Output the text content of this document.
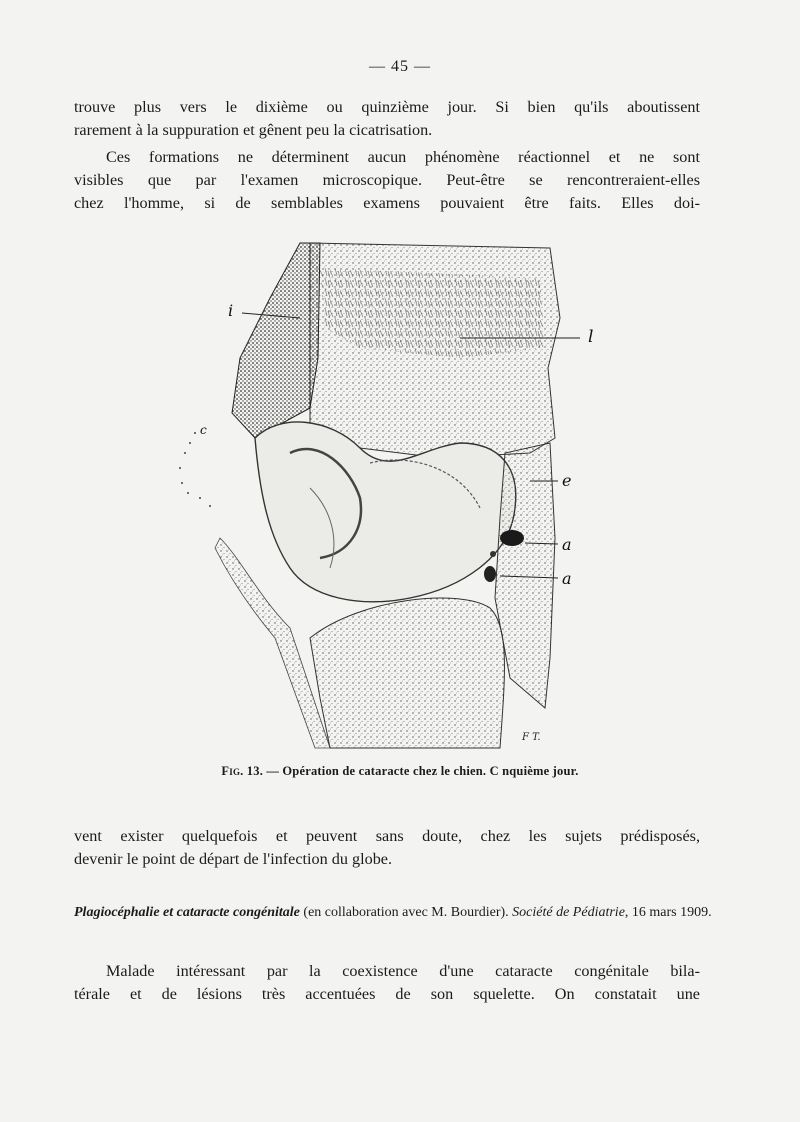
— 45 —

trouve plus vers le dixième ou quinzième jour. Si bien qu'ils aboutissent
rarement à la suppuration et gênent peu la cicatrisation.

Ces formations ne déterminent aucun phénomène réactionnel et ne sont
visibles que par l'examen microscopique. Peut-être se rencontreraient-elles
chez l'homme, si de semblables examens pouvaient être faits. Elles doi-

i
l
c
e
a
a
F T.
Fig. 13. — Opération de cataracte chez le chien. C nquième jour.

vent exister quelquefois et peuvent sans doute, chez les sujets prédisposés,
devenir le point de départ de l'infection du globe.

Plagiocéphalie et cataracte congénitale (en collaboration avec M. Bourdier). Société de Pédiatrie, 16 mars 1909.

Malade intéressant par la coexistence d'une cataracte congénitale bila-
térale et de lésions très accentuées de son squelette. On constatait une
